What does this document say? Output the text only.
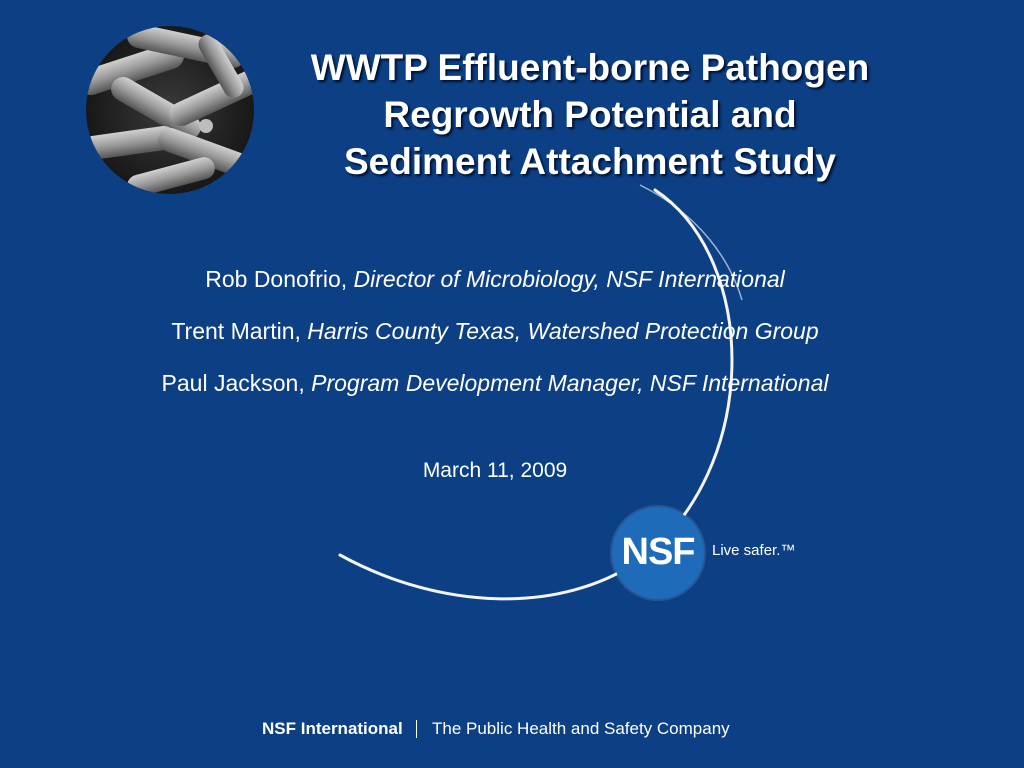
WWTP Effluent-borne Pathogen
Regrowth Potential and
Sediment Attachment Study

Rob Donofrio, Director of Microbiology, NSF International

Trent Martin, Harris County Texas, Watershed Protection Group

Paul Jackson, Program Development Manager, NSF International

March 11, 2009
NSF Live safer.™
NSF International The Public Health and Safety Company
